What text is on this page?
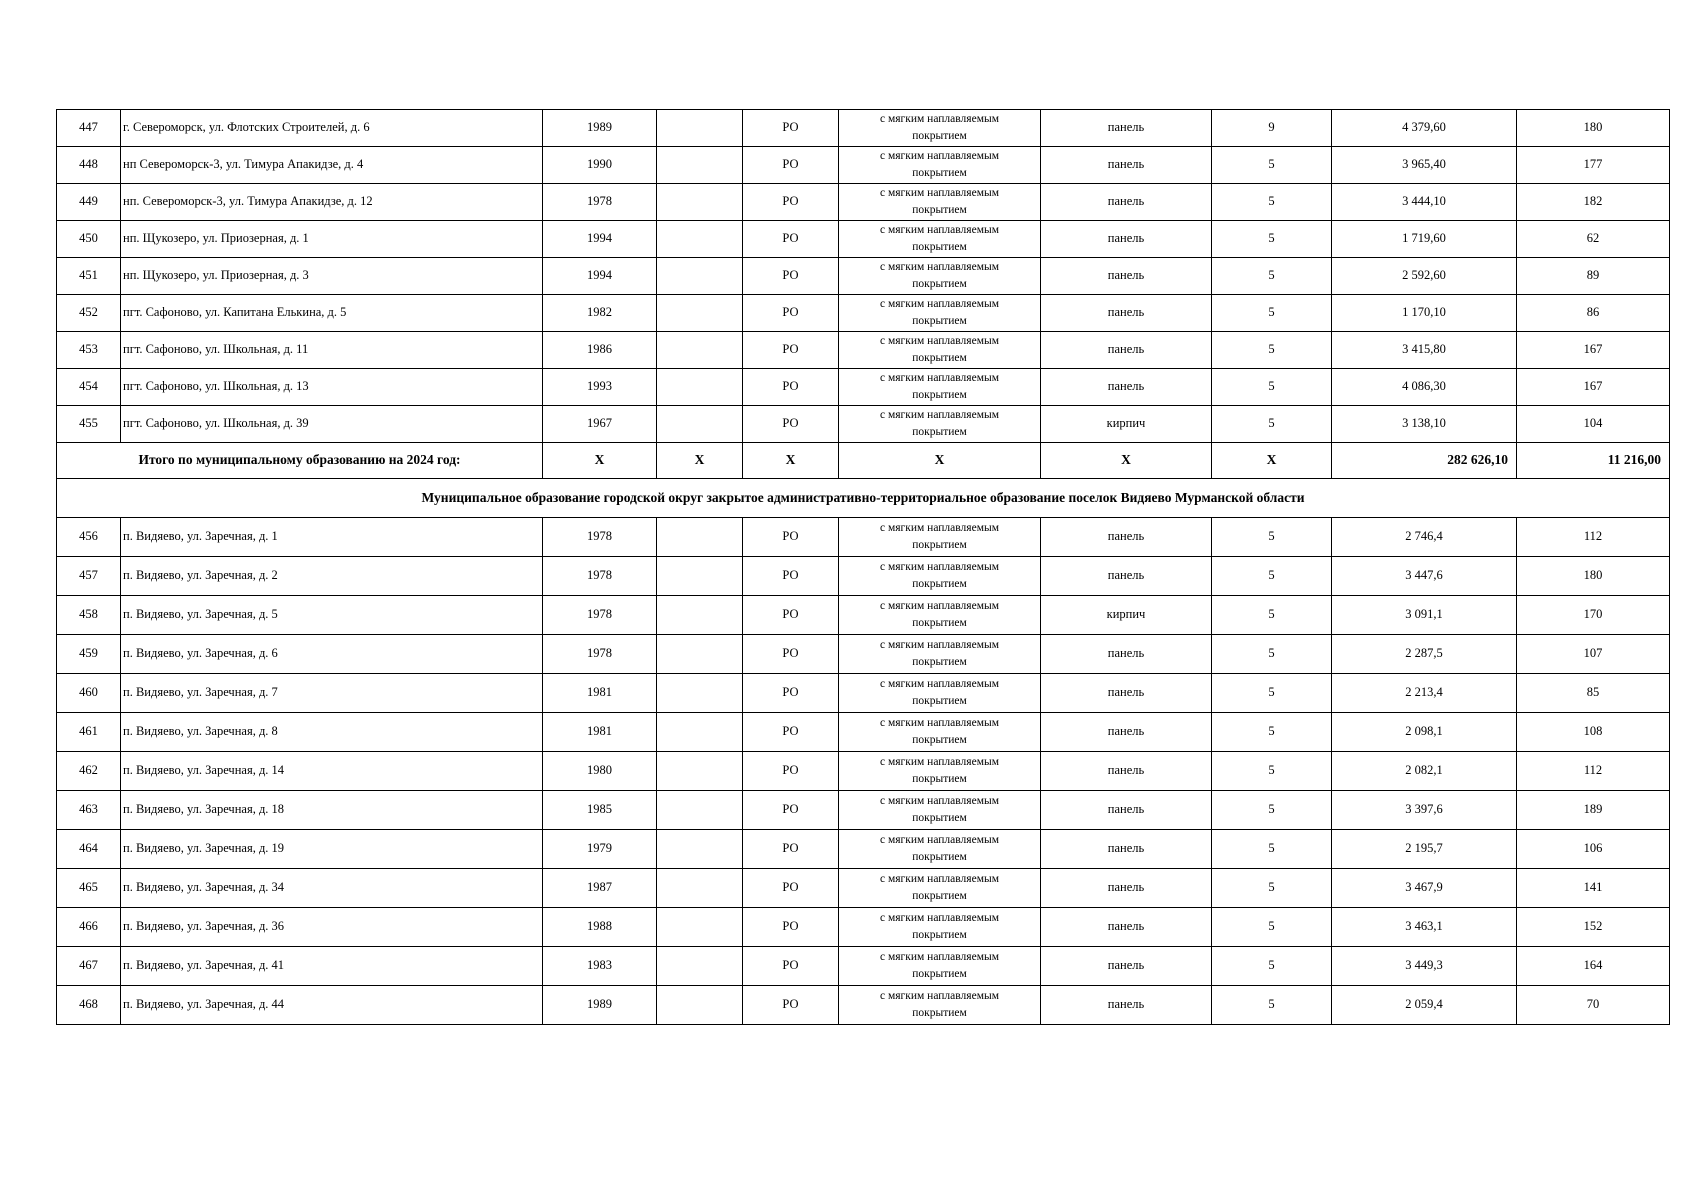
447	г. Североморск, ул. Флотских Строителей, д. 6	1989		РО	с мягким наплавляемым
покрытием	панель	9	4 379,60	180
448	нп Североморск-3, ул. Тимура Апакидзе, д. 4	1990		РО	с мягким наплавляемым
покрытием	панель	5	3 965,40	177
449	нп. Североморск-3, ул. Тимура Апакидзе, д. 12	1978		РО	с мягким наплавляемым
покрытием	панель	5	3 444,10	182
450	нп. Щукозеро, ул. Приозерная, д. 1	1994		РО	с мягким наплавляемым
покрытием	панель	5	1 719,60	62
451	нп. Щукозеро, ул. Приозерная, д. 3	1994		РО	с мягким наплавляемым
покрытием	панель	5	2 592,60	89
452	пгт. Сафоново, ул. Капитана Елькина, д. 5	1982		РО	с мягким наплавляемым
покрытием	панель	5	1 170,10	86
453	пгт. Сафоново, ул. Школьная, д. 11	1986		РО	с мягким наплавляемым
покрытием	панель	5	3 415,80	167
454	пгт. Сафоново, ул. Школьная, д. 13	1993		РО	с мягким наплавляемым
покрытием	панель	5	4 086,30	167
455	пгт. Сафоново, ул. Школьная, д. 39	1967		РО	с мягким наплавляемым
покрытием	кирпич	5	3 138,10	104
Итого по муниципальному образованию на 2024 год:		X	X	X	X	X	X	282 626,10	11 216,00
Муниципальное образование городской округ закрытое административно-территориальное образование поселок Видяево Мурманской области									
456	п. Видяево, ул. Заречная, д. 1	1978		РО	с мягким наплавляемым
покрытием	панель	5	2 746,4	112
457	п. Видяево, ул. Заречная, д. 2	1978		РО	с мягким наплавляемым
покрытием	панель	5	3 447,6	180
458	п. Видяево, ул. Заречная, д. 5	1978		РО	с мягким наплавляемым
покрытием	кирпич	5	3 091,1	170
459	п. Видяево, ул. Заречная, д. 6	1978		РО	с мягким наплавляемым
покрытием	панель	5	2 287,5	107
460	п. Видяево, ул. Заречная, д. 7	1981		РО	с мягким наплавляемым
покрытием	панель	5	2 213,4	85
461	п. Видяево, ул. Заречная, д. 8	1981		РО	с мягким наплавляемым
покрытием	панель	5	2 098,1	108
462	п. Видяево, ул. Заречная, д. 14	1980		РО	с мягким наплавляемым
покрытием	панель	5	2 082,1	112
463	п. Видяево, ул. Заречная, д. 18	1985		РО	с мягким наплавляемым
покрытием	панель	5	3 397,6	189
464	п. Видяево, ул. Заречная, д. 19	1979		РО	с мягким наплавляемым
покрытием	панель	5	2 195,7	106
465	п. Видяево, ул. Заречная, д. 34	1987		РО	с мягким наплавляемым
покрытием	панель	5	3 467,9	141
466	п. Видяево, ул. Заречная, д. 36	1988		РО	с мягким наплавляемым
покрытием	панель	5	3 463,1	152
467	п. Видяево, ул. Заречная, д. 41	1983		РО	с мягким наплавляемым
покрытием	панель	5	3 449,3	164
468	п. Видяево, ул. Заречная, д. 44	1989		РО	с мягким наплавляемым
покрытием	панель	5	2 059,4	70
